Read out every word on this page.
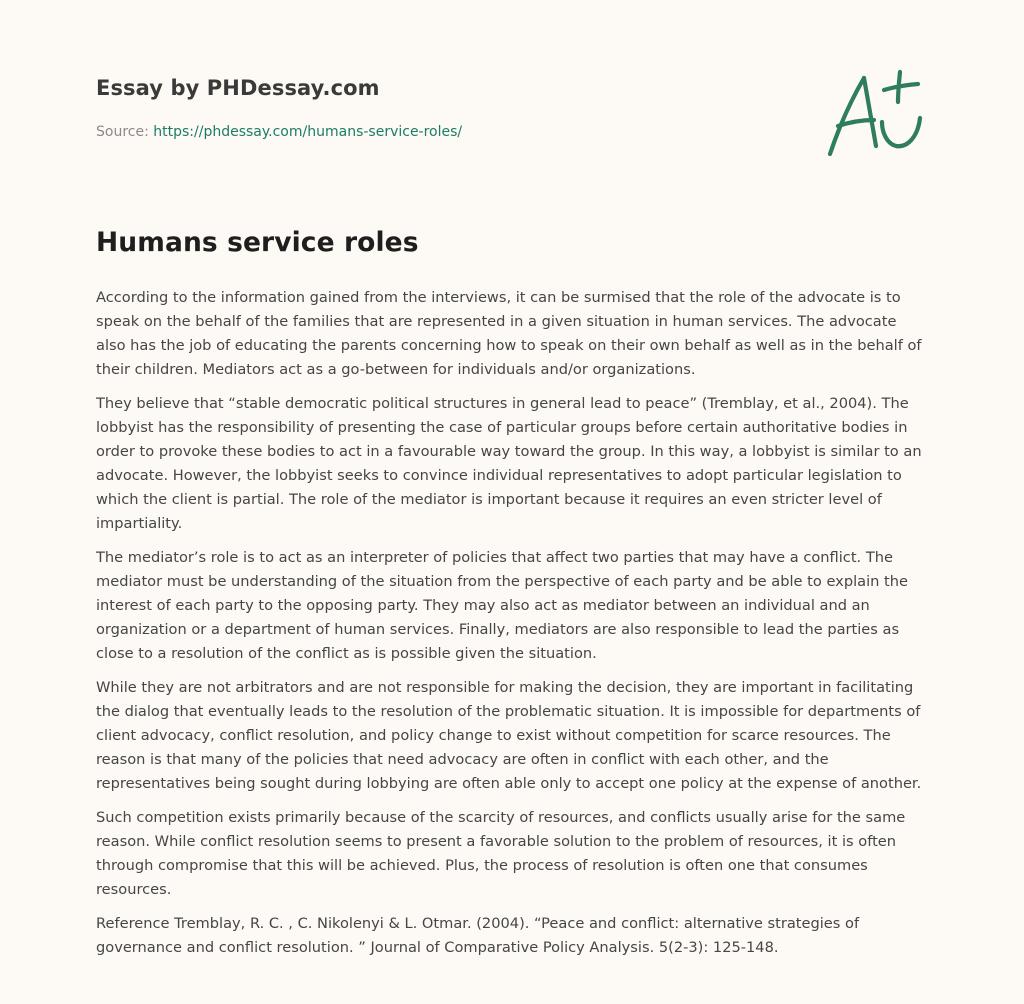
Essay by PHDessay.com
Source: https://phdessay.com/humans-service-roles/
Humans service roles

According to the information gained from the interviews, it can be surmised that the role of the advocate is to speak on the behalf of the families that are represented in a given situation in human services. The advocate also has the job of educating the parents concerning how to speak on their own behalf as well as in the behalf of their children. Mediators act as a go-between for individuals and/or organizations.

They believe that “stable democratic political structures in general lead to peace” (Tremblay, et al., 2004). The lobbyist has the responsibility of presenting the case of particular groups before certain authoritative bodies in order to provoke these bodies to act in a favourable way toward the group. In this way, a lobbyist is similar to an advocate. However, the lobbyist seeks to convince individual representatives to adopt particular legislation to which the client is partial. The role of the mediator is important because it requires an even stricter level of impartiality.

The mediator’s role is to act as an interpreter of policies that affect two parties that may have a conflict. The mediator must be understanding of the situation from the perspective of each party and be able to explain the interest of each party to the opposing party. They may also act as mediator between an individual and an organization or a department of human services. Finally, mediators are also responsible to lead the parties as close to a resolution of the conflict as is possible given the situation.

While they are not arbitrators and are not responsible for making the decision, they are important in facilitating the dialog that eventually leads to the resolution of the problematic situation. It is impossible for departments of client advocacy, conflict resolution, and policy change to exist without competition for scarce resources. The reason is that many of the policies that need advocacy are often in conflict with each other, and the representatives being sought during lobbying are often able only to accept one policy at the expense of another.

Such competition exists primarily because of the scarcity of resources, and conflicts usually arise for the same reason. While conflict resolution seems to present a favorable solution to the problem of resources, it is often through compromise that this will be achieved. Plus, the process of resolution is often one that consumes resources.

Reference Tremblay, R. C. , C. Nikolenyi & L. Otmar. (2004). “Peace and conflict: alternative strategies of governance and conflict resolution. ” Journal of Comparative Policy Analysis. 5(2-3): 125-148.
